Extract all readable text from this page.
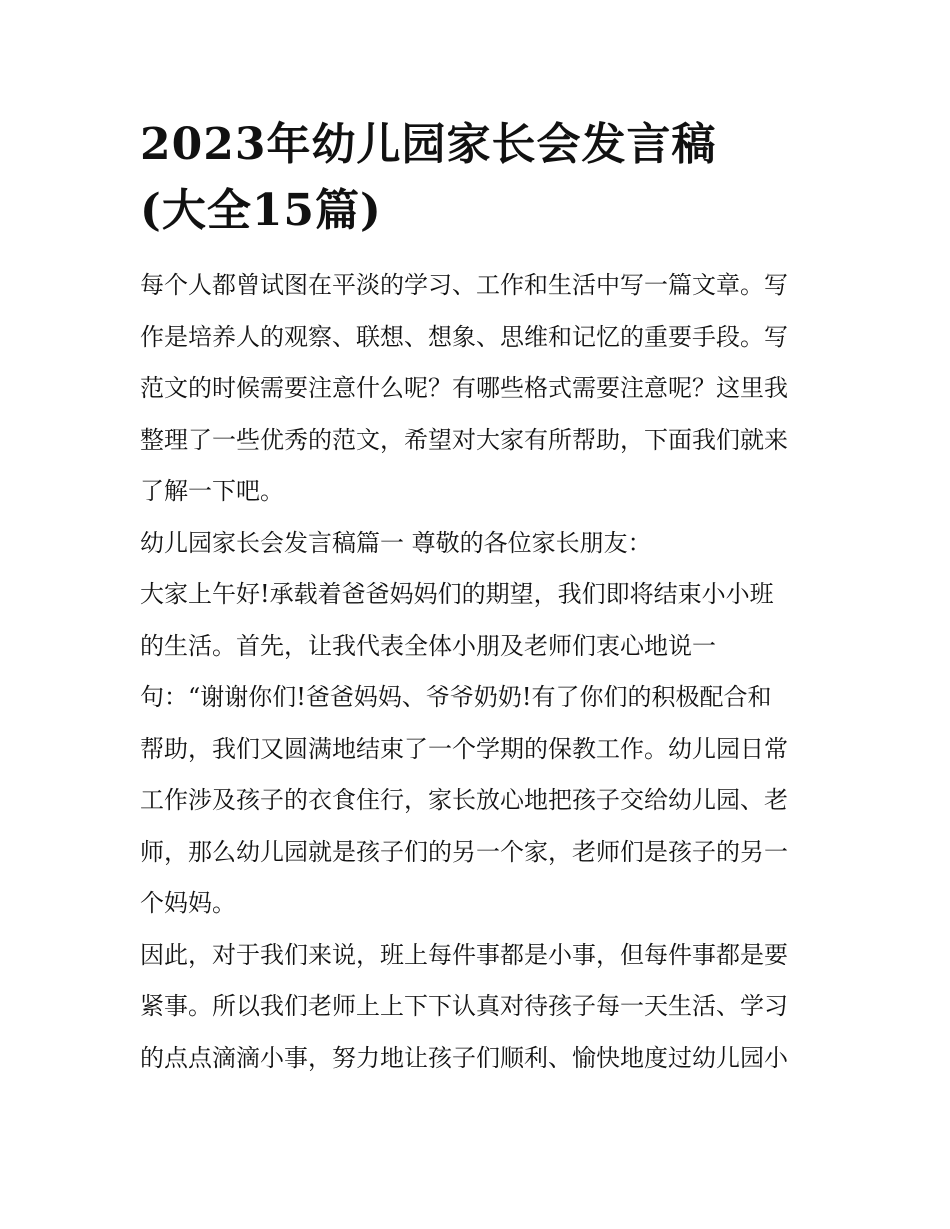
2023年幼儿园家长会发言稿
(大全15篇)

每个人都曾试图在平淡的学习、工作和生活中写一篇文章。写
作是培养人的观察、联想、想象、思维和记忆的重要手段。写
范文的时候需要注意什么呢？有哪些格式需要注意呢？这里我
整理了一些优秀的范文，希望对大家有所帮助，下面我们就来
了解一下吧。

幼儿园家长会发言稿篇一 尊敬的各位家长朋友：

大家上午好!承载着爸爸妈妈们的期望，我们即将结束小小班
的生活。首先，让我代表全体小朋及老师们衷心地说一
句：“谢谢你们!爸爸妈妈、爷爷奶奶!有了你们的积极配合和
帮助，我们又圆满地结束了一个学期的保教工作。幼儿园日常
工作涉及孩子的衣食住行，家长放心地把孩子交给幼儿园、老
师，那么幼儿园就是孩子们的另一个家，老师们是孩子的另一
个妈妈。

因此，对于我们来说，班上每件事都是小事，但每件事都是要
紧事。所以我们老师上上下下认真对待孩子每一天生活、学习
的点点滴滴小事，努力地让孩子们顺利、愉快地度过幼儿园小
